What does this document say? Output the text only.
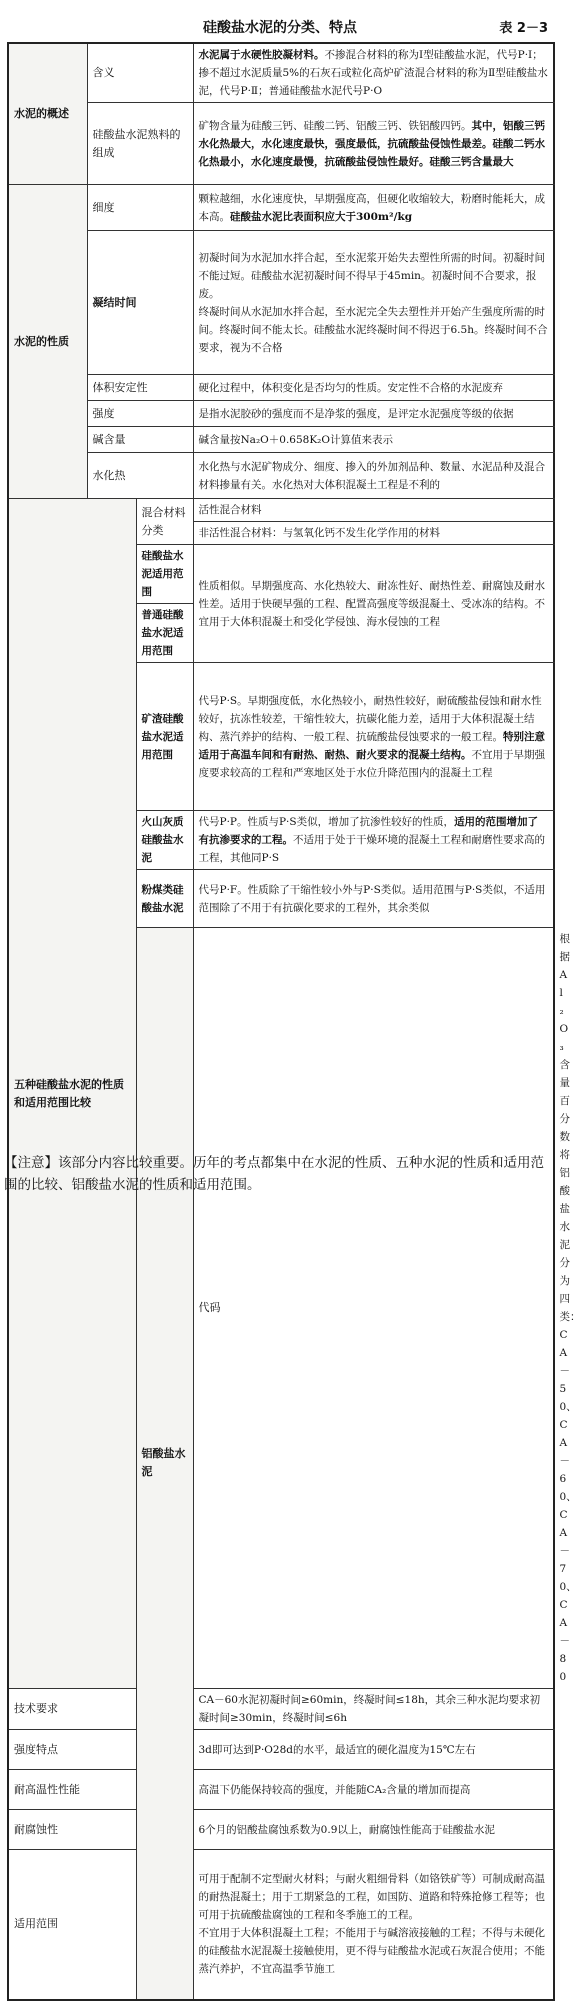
硅酸盐水泥的分类、特点	表 2－3
水泥的概述	含义		水泥属于水硬性胶凝材料。不掺混合材料的称为Ⅰ型硅酸盐水泥，代号P·Ⅰ；掺不超过水泥质量5%的石灰石或粒化高炉矿渣混合材料的称为Ⅱ型硅酸盐水泥，代号P·Ⅱ；普通硅酸盐水泥代号P·O	
	硅酸盐水泥熟料的组成		矿物含量为硅酸三钙、硅酸二钙、铝酸三钙、铁铝酸四钙。其中，铝酸三钙水化热最大，水化速度最快，强度最低，抗硫酸盐侵蚀性最差。硅酸二钙水化热最小，水化速度最慢，抗硫酸盐侵蚀性最好。硅酸三钙含量最大	
水泥的性质	细度		颗粒越细，水化速度快，早期强度高，但硬化收缩较大，粉磨时能耗大，成本高。硅酸盐水泥比表面积应大于300m²/kg	
	凝结时间		初凝时间为水泥加水拌合起，至水泥浆开始失去塑性所需的时间。初凝时间不能过短。硅酸盐水泥初凝时间不得早于45min。初凝时间不合要求，报废。
终凝时间从水泥加水拌合起，至水泥完全失去塑性并开始产生强度所需的时间。终凝时间不能太长。硅酸盐水泥终凝时间不得迟于6.5h。终凝时间不合要求，视为不合格	

	体积安定性		硬化过程中，体积变化是否均匀的性质。安定性不合格的水泥废弃	
	强度		是指水泥胶砂的强度而不是净浆的强度，是评定水泥强度等级的依据	
	碱含量		碱含量按Na₂O＋0.658K₂O计算值来表示	
	水化热		水化热与水泥矿物成分、细度、掺入的外加剂品种、数量、水泥品种及混合材料掺量有关。水化热对大体积混凝土工程是不利的	
五种硅酸盐水泥的性质和适用范围比较		混合材料分类	活性混合材料	
			非活性混合材料：与氢氧化钙不发生化学作用的材料	
		硅酸盐水泥适用范围	性质相似。早期强度高、水化热较大、耐冻性好、耐热性差、耐腐蚀及耐水性差。适用于快硬早强的工程、配置高强度等级混凝土、受冰冻的结构。不宜用于大体积混凝土和受化学侵蚀、海水侵蚀的工程	
		普通硅酸盐水泥适用范围		
		矿渣硅酸盐水泥适用范围	代号P·S。早期强度低，水化热较小，耐热性较好，耐硫酸盐侵蚀和耐水性较好，抗冻性较差，干缩性较大，抗碳化能力差，适用于大体积混凝土结构、蒸汽养护的结构、一般工程、抗硫酸盐侵蚀要求的一般工程。特别注意适用于高温车间和有耐热、耐热、耐火要求的混凝土结构。不宜用于早期强度要求较高的工程和严寒地区处于水位升降范围内的混凝土工程	
		火山灰质硅酸盐水泥	代号P·P。性质与P·S类似，增加了抗渗性较好的性质，适用的范围增加了有抗渗要求的工程。不适用于处于干燥环境的混凝土工程和耐磨性要求高的工程，其他同P·S	
		粉煤类硅酸盐水泥	代号P·F。性质除了干缩性较小外与P·S类似。适用范围与P·S类似，不适用范围除了不用于有抗碳化要求的工程外，其余类似	
		铝酸盐水泥	代码	根据Al₂O₃含量百分数将铝酸盐水泥分为四类：CA－50、CA－60、CA－70、CA－80
技术要求			CA－60水泥初凝时间≥60min，终凝时间≤18h，其余三种水泥均要求初凝时间≥30min，终凝时间≤6h	
强度特点			3d即可达到P·O28d的水平，最适宜的硬化温度为15℃左右	
耐高温性性能			高温下仍能保持较高的强度，并能随CA₂含量的增加而提高	
耐腐蚀性			6个月的铝酸盐腐蚀系数为0.9以上，耐腐蚀性能高于硅酸盐水泥	
适用范围			可用于配制不定型耐火材料；与耐火粗细骨料（如铬铁矿等）可制成耐高温的耐热混凝土；用于工期紧急的工程，如国防、道路和特殊抢修工程等；也可用于抗硫酸盐腐蚀的工程和冬季施工的工程。
不宜用于大体积混凝土工程；不能用于与碱溶液接触的工程；不得与未硬化的硅酸盐水泥混凝土接触使用，更不得与硅酸盐水泥或石灰混合使用；不能蒸汽养护，不宜高温季节施工	
【注意】该部分内容比较重要。历年的考点都集中在水泥的性质、五种水泥的性质和适用范围的比较、铝酸盐水泥的性质和适用范围。
